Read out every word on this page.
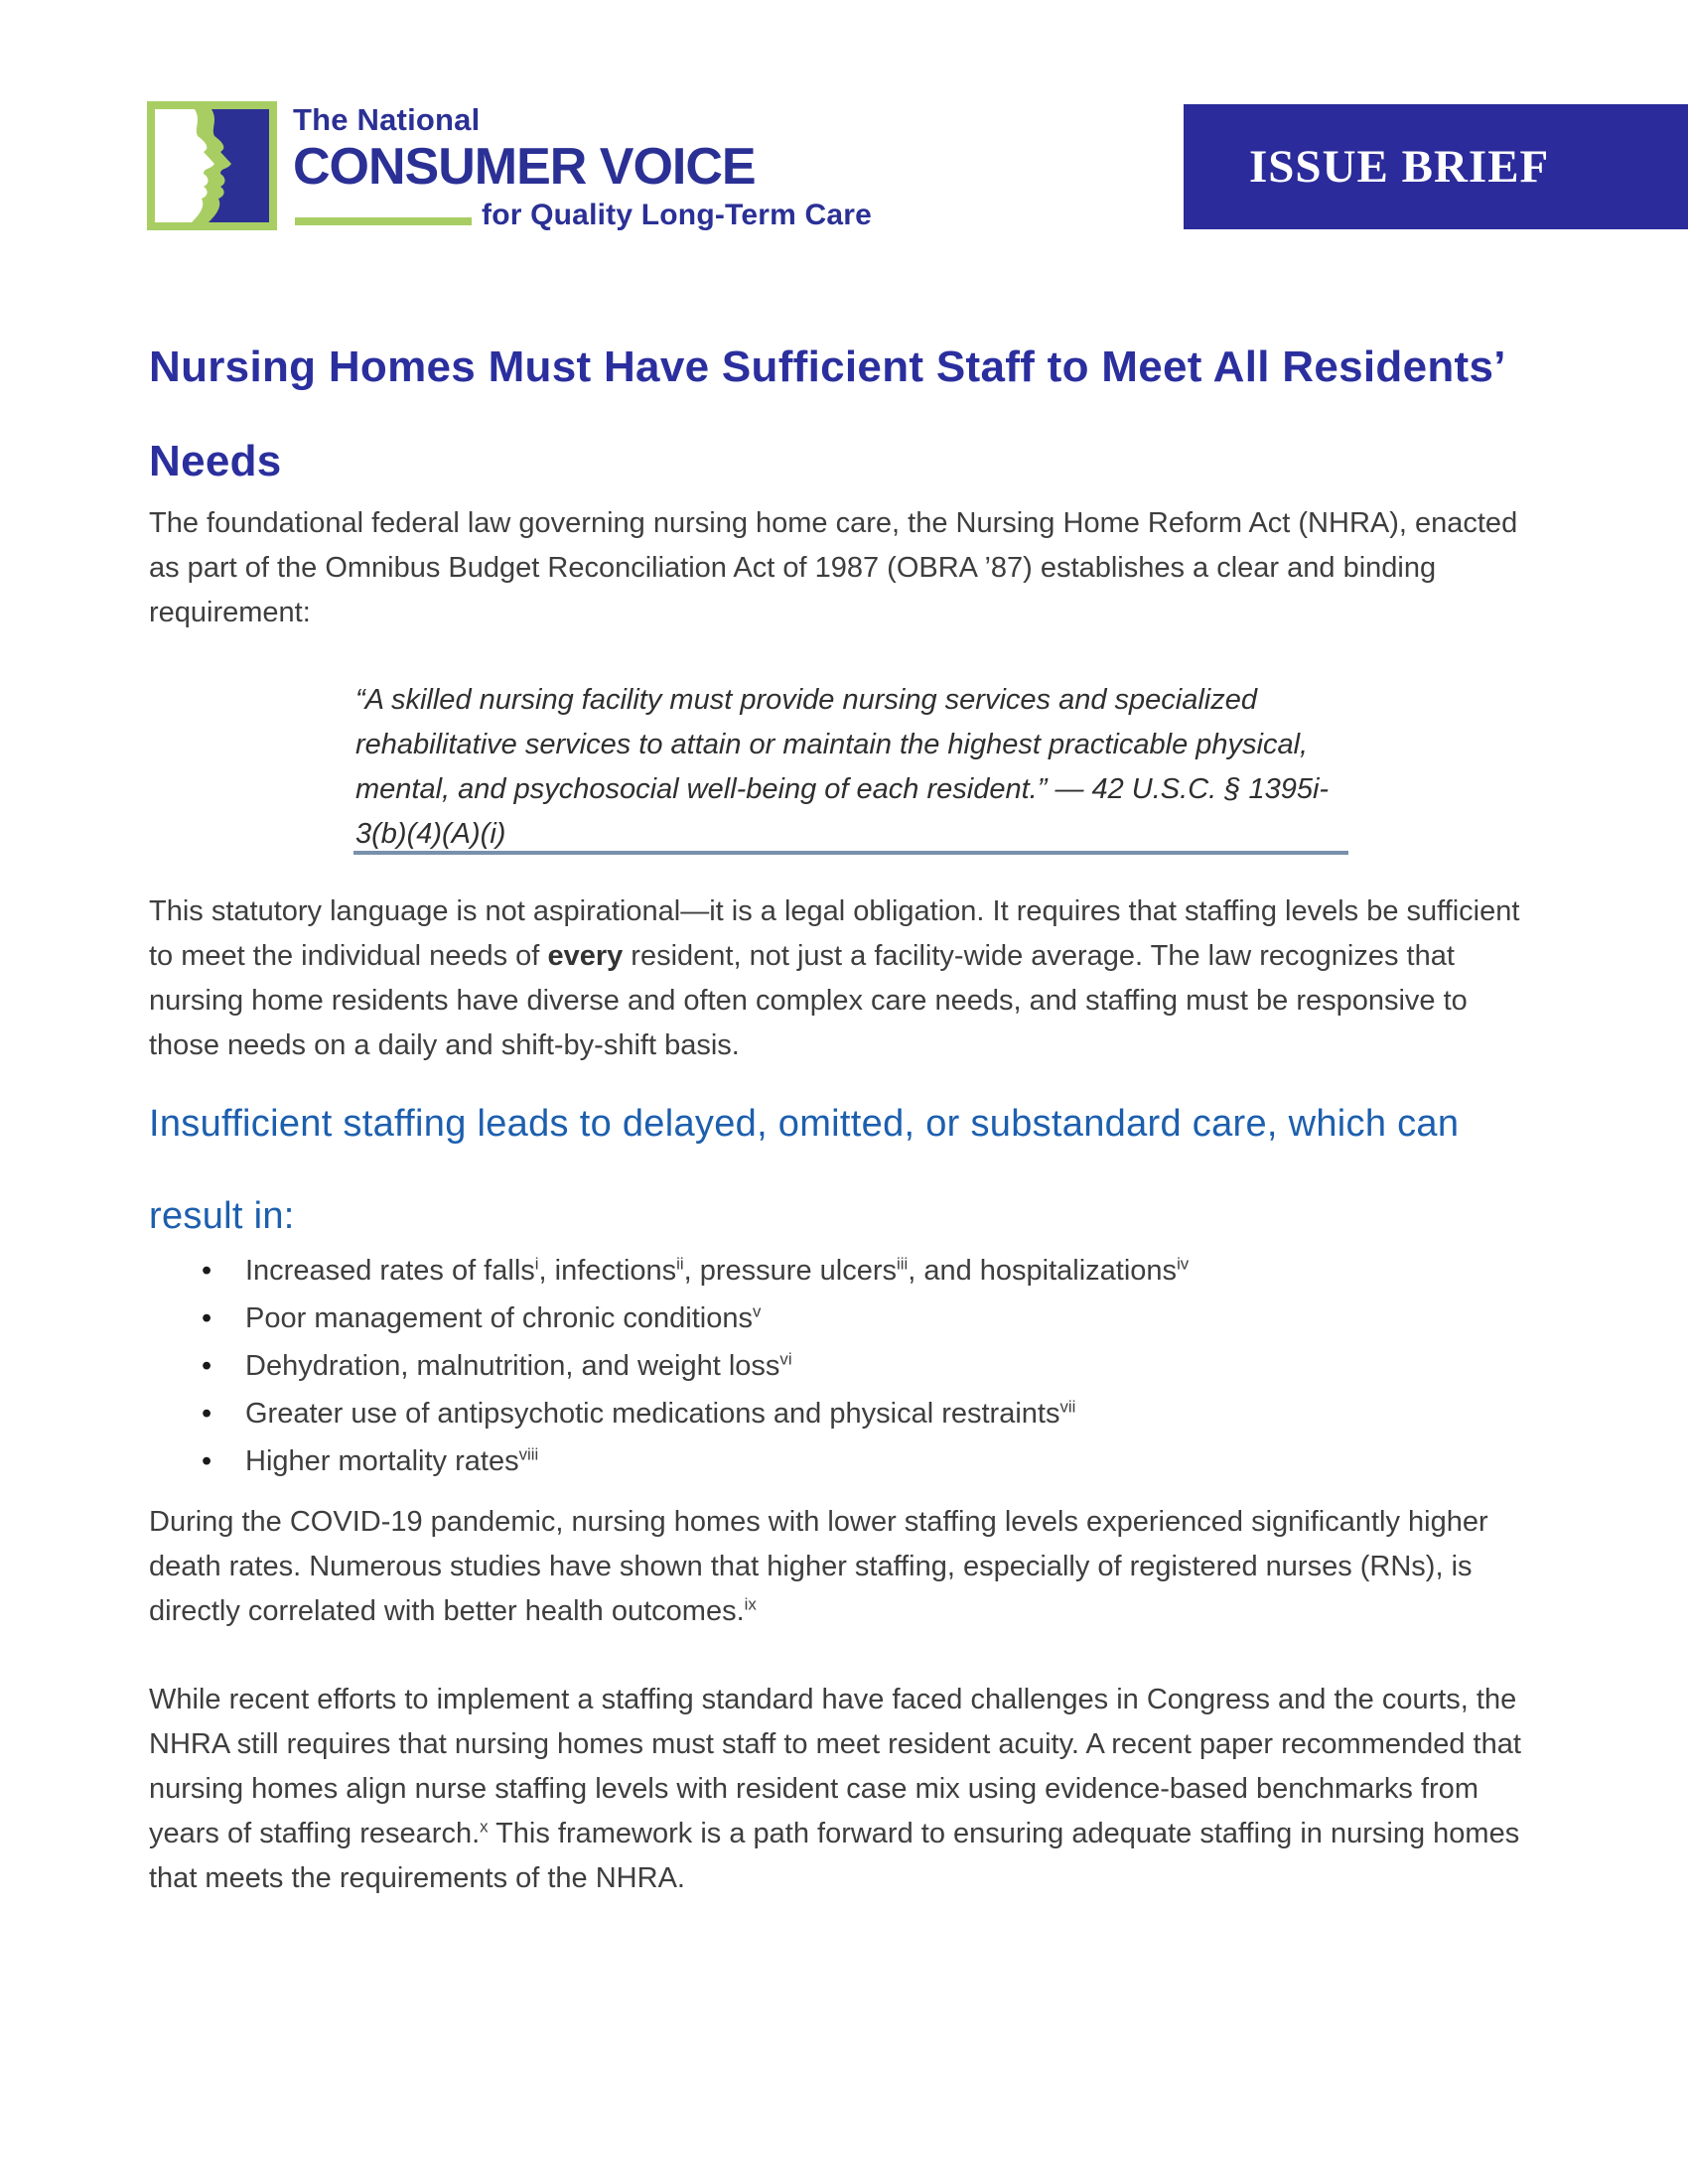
The National
CONSUMER VOICE
for Quality Long-Term Care
ISSUE BRIEF
Nursing Homes Must Have Sufficient Staff to Meet All Residents’ Needs

The foundational federal law governing nursing home care, the Nursing Home Reform Act (NHRA), enacted as part of the Omnibus Budget Reconciliation Act of 1987 (OBRA ’87) establishes a clear and binding requirement:

“A skilled nursing facility must provide nursing services and specialized rehabilitative services to attain or maintain the highest practicable physical, mental, and psychosocial well-being of each resident.” — 42 U.S.C. § 1395i-3(b)(4)(A)(i)

This statutory language is not aspirational—it is a legal obligation. It requires that staffing levels be sufficient to meet the individual needs of every resident, not just a facility-wide average. The law recognizes that nursing home residents have diverse and often complex care needs, and staffing must be responsive to those needs on a daily and shift-by-shift basis.

Insufficient staffing leads to delayed, omitted, or substandard care, which can result in:
• Increased rates of falls$^i$, infections$^{ii}$, pressure ulcers$^{iii}$, and hospitalizations$^{iv}$
• Poor management of chronic conditions$^v$
• Dehydration, malnutrition, and weight loss$^{vi}$
• Greater use of antipsychotic medications and physical restraints$^{vii}$
• Higher mortality rates$^{viii}$

During the COVID-19 pandemic, nursing homes with lower staffing levels experienced significantly higher death rates. Numerous studies have shown that higher staffing, especially of registered nurses (RNs), is directly correlated with better health outcomes.$^{ix}$

While recent efforts to implement a staffing standard have faced challenges in Congress and the courts, the NHRA still requires that nursing homes must staff to meet resident acuity. A recent paper recommended that nursing homes align nurse staffing levels with resident case mix using evidence-based benchmarks from years of staffing research.$^x$ This framework is a path forward to ensuring adequate staffing in nursing homes that meets the requirements of the NHRA.
